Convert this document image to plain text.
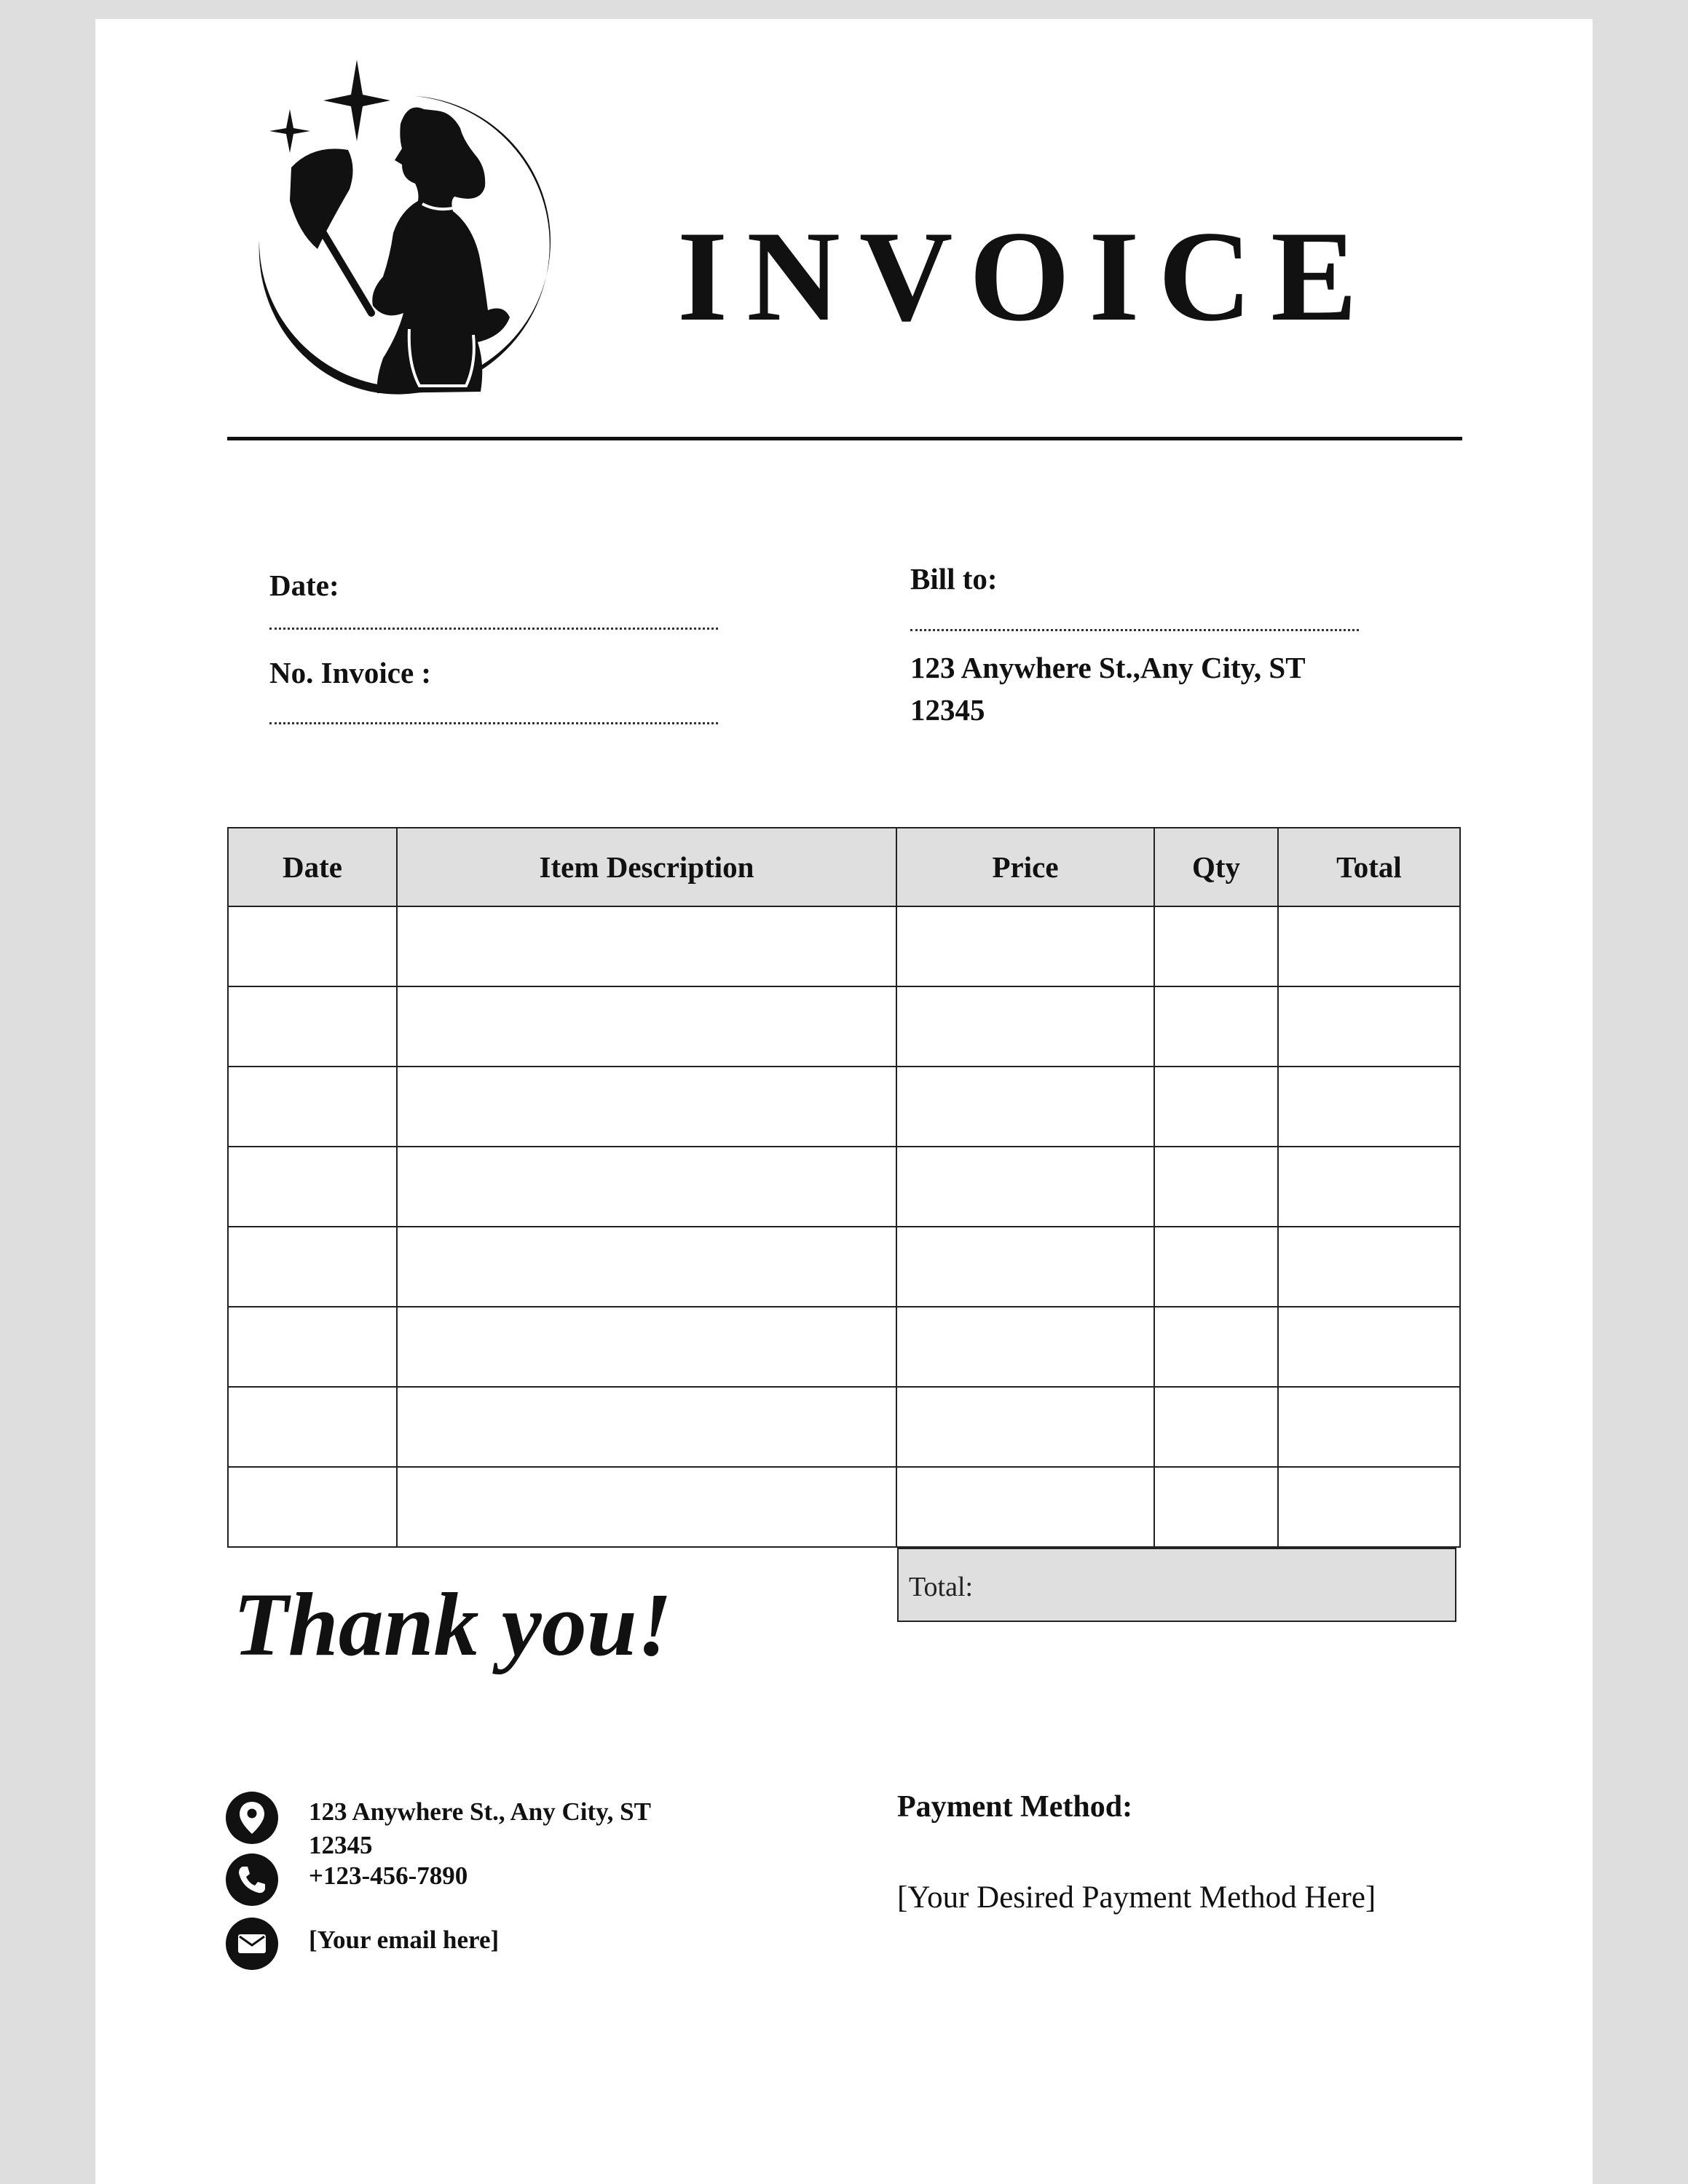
INVOICE
Date:
No. Invoice :
Bill to:
123 Anywhere St.,Any City, ST
12345
Date	Item Description	Price	Qty	Total

Total:
Thank you!
123 Anywhere St., Any City, ST
12345
+123-456-7890
[Your email here]
Payment Method:
[Your Desired Payment Method Here]
